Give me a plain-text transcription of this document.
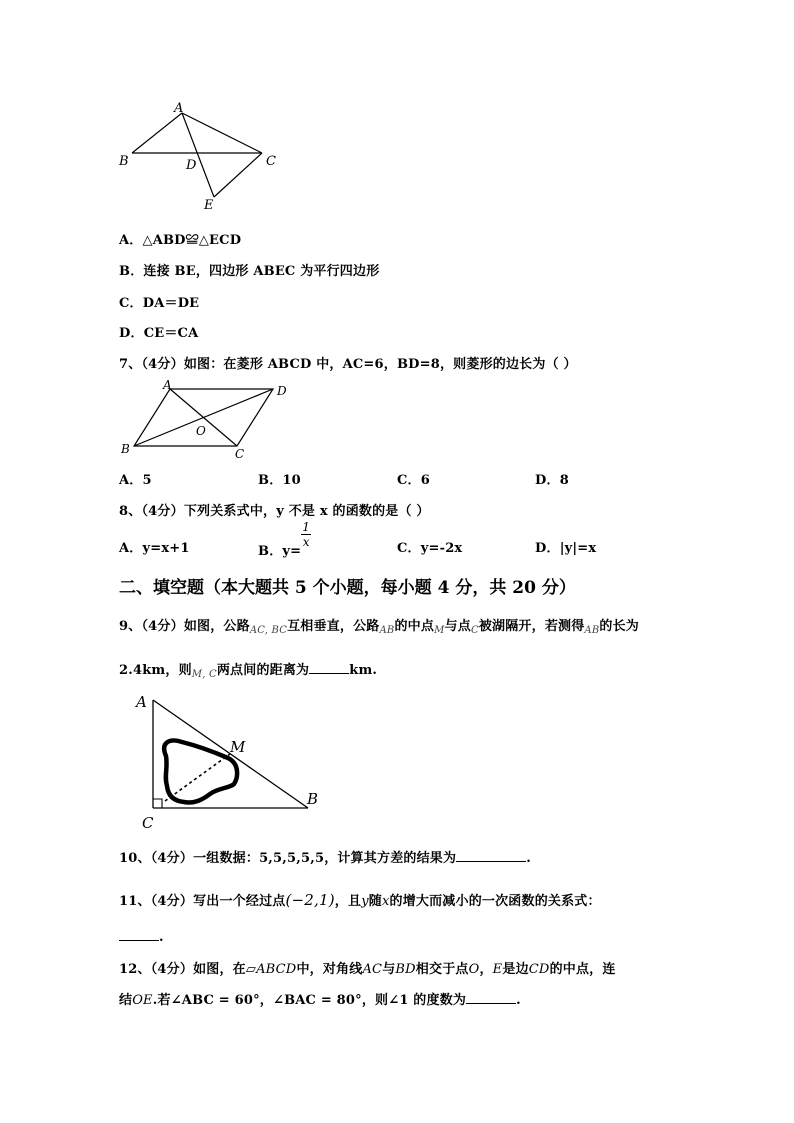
A
B	C
D
E
A．△ABD≌△ECD
B．连接 BE，四边形 ABEC 为平行四边形
C．DA＝DE
D．CE＝CA
7、（4分）如图：在菱形 ABCD 中，AC=6，BD=8，则菱形的边长为（ ）
A	D
B	C
O
A．5	B．10	C．6	D．8
8、（4分）下列关系式中，y 不是 x 的函数的是（ ）
A．y=x+1	B．y=
$\frac{1}{x}$	C．y=-2x	D．|y|=x
二、填空题（本大题共 5 个小题，每小题 4 分，共 20 分）
9、（4分）如图，公路$_{AC, BC}$互相垂直，公路$_{AB}$的中点$_M$与点$_C$被湖隔开，若测得$_{AB}$的长为
2.4km，则$_{M, C}$两点间的距离为	km.
A
M
B
C
10、（4分）一组数据：5,5,5,5,5，计算其方差的结果为	.
11、（4分）写出一个经过点(−2,1)，且y随x的增大而减小的一次函数的关系式：
.
12、（4分）如图，在▱ABCD中，对角线AC与BD相交于点O，E是边CD的中点，连
结OE.若∠ABC = 60°，∠BAC = 80°，则∠1 的度数为	.
